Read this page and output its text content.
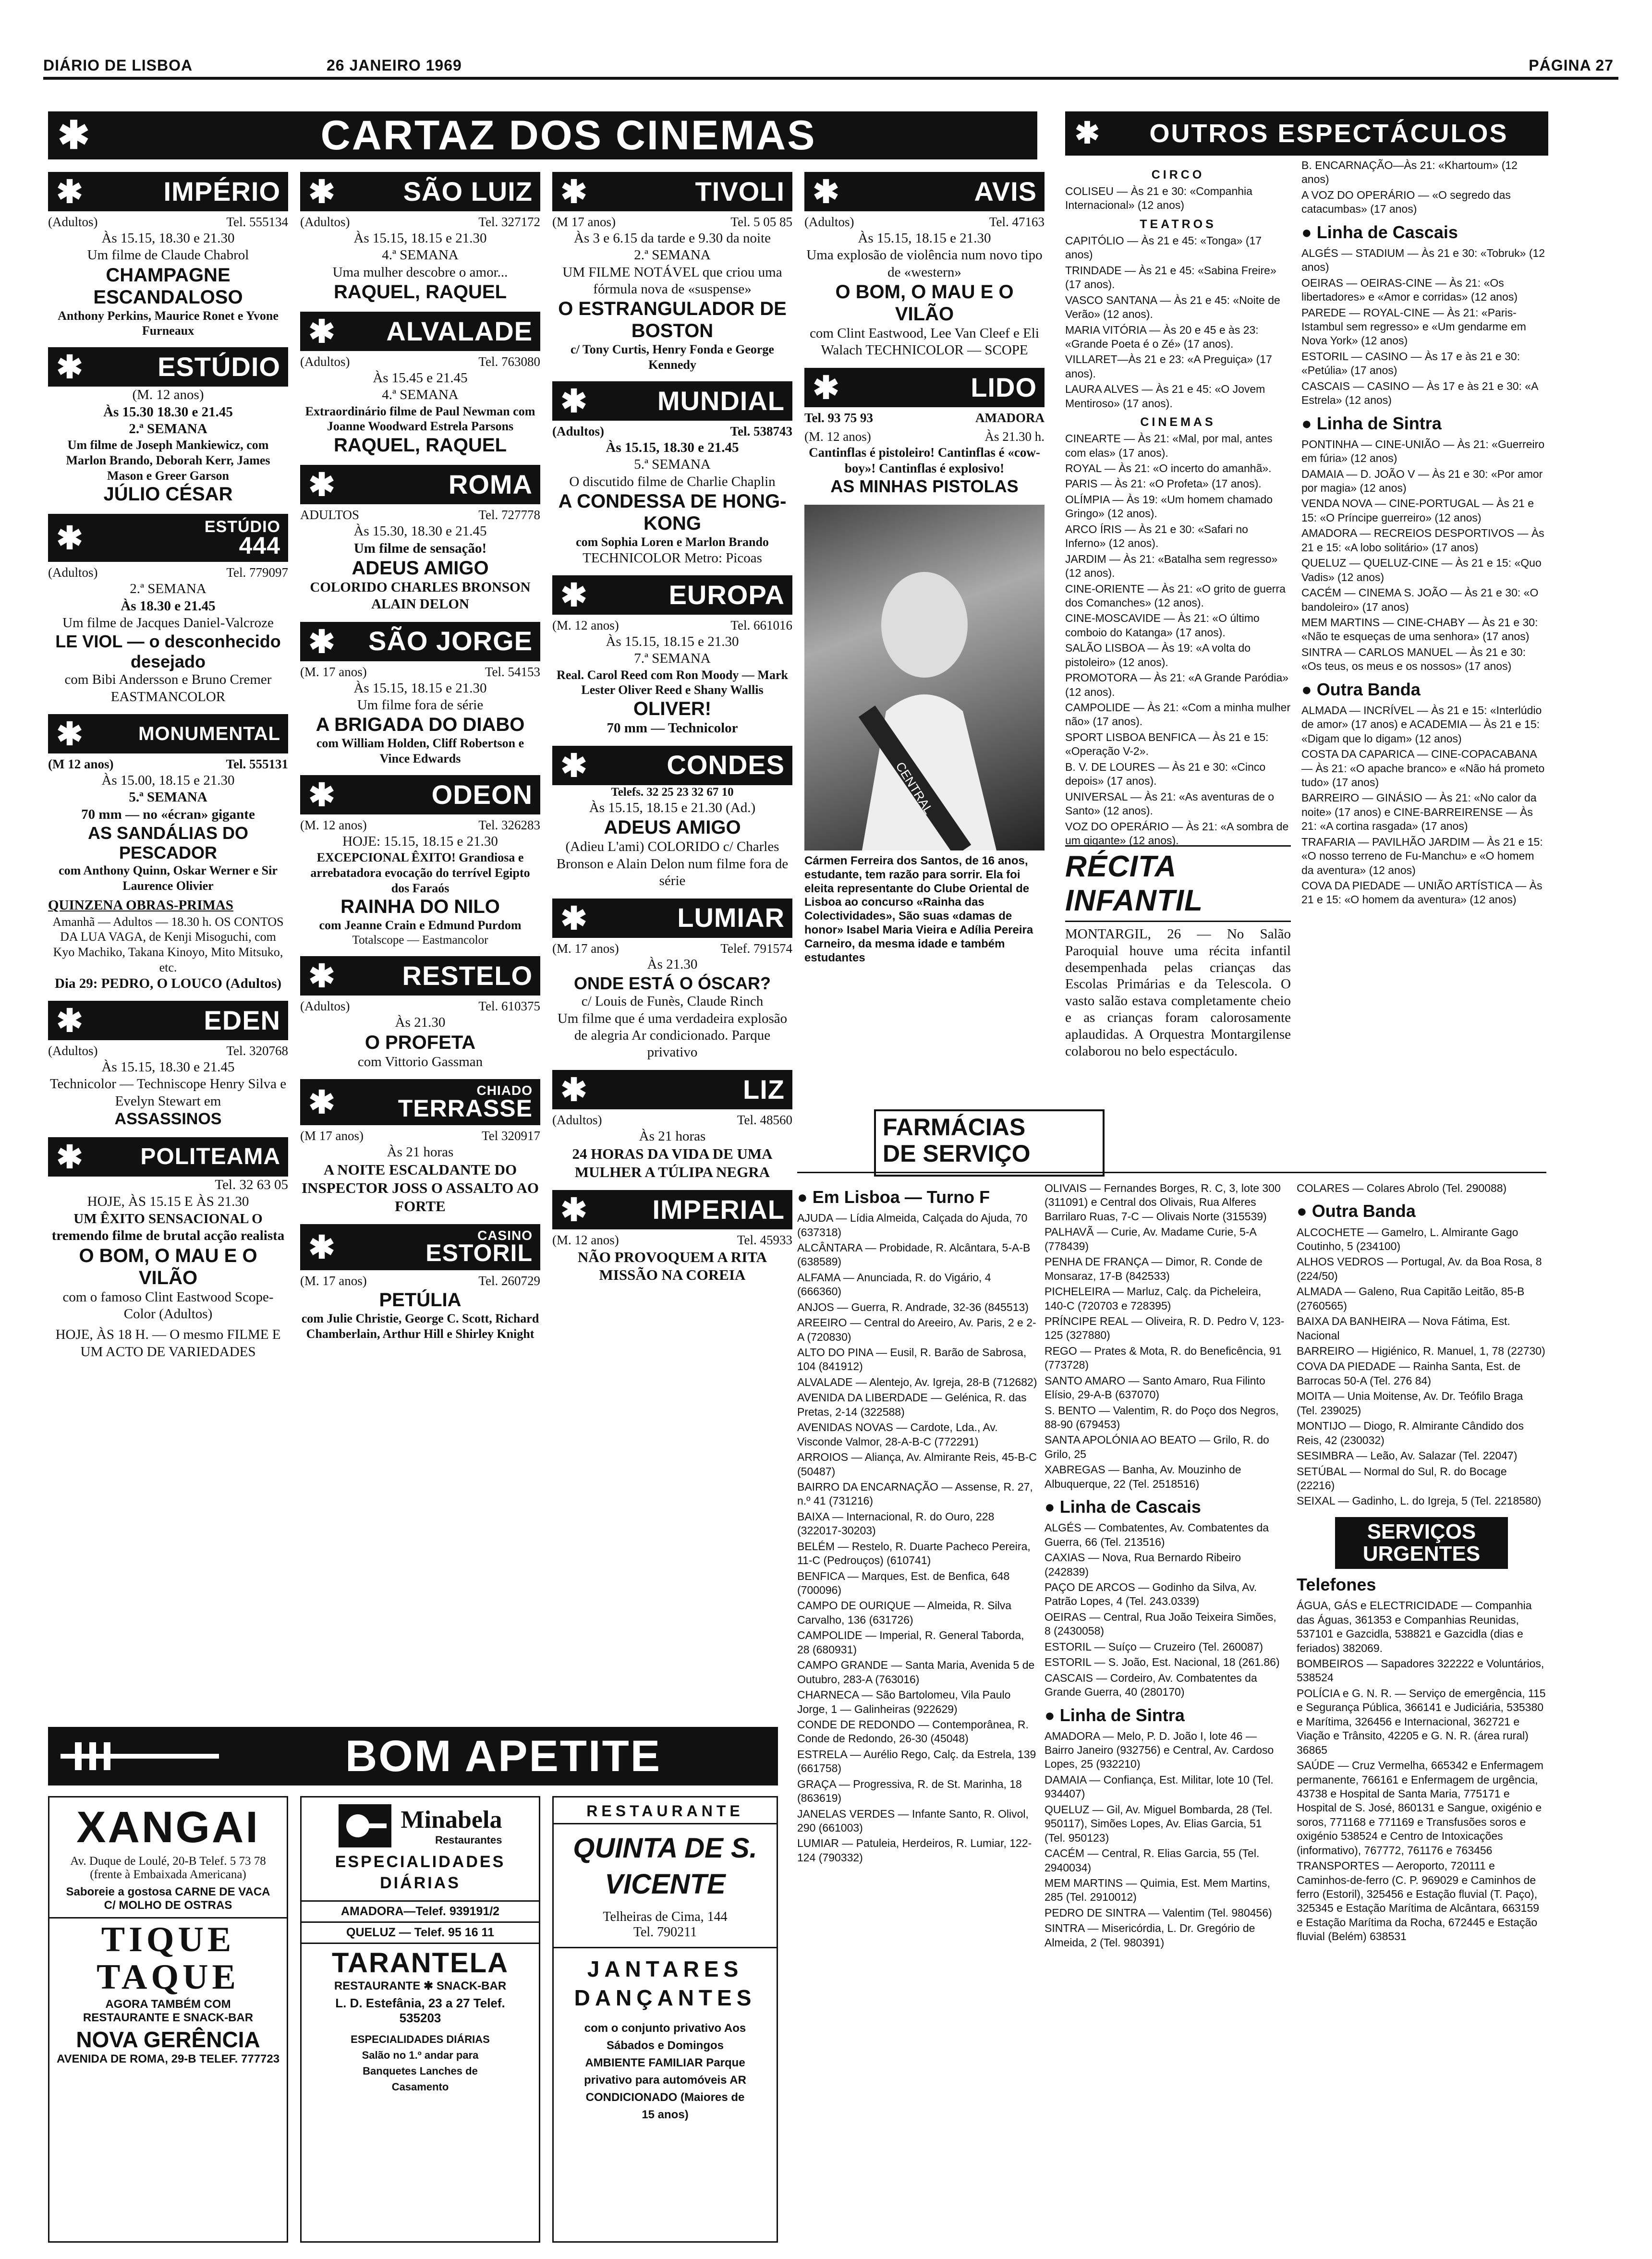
DIÁRIO DE LISBOA	26 JANEIRO 1969	PÁGINA 27
✱	CARTAZ DOS CINEMAS	✱	OUTROS ESPECTÁCULOS
✱	IMPÉRIO
(Adultos)	Tel. 555134
Às 15.15, 18.30 e 21.30
Um filme de Claude Chabrol
CHAMPAGNE ESCANDALOSO
Anthony Perkins, Maurice Ronet e Yvone Furneaux
✱	ESTÚDIO
(M. 12 anos)
Às 15.30 18.30 e 21.45
2.ª SEMANA
Um filme de Joseph Mankiewicz, com Marlon Brando, Deborah Kerr, James Mason e Greer Garson
JÚLIO CÉSAR
✱	ESTÚDIO
444
(Adultos)	Tel. 779097
2.ª SEMANA
Às 18.30 e 21.45
Um filme de Jacques Daniel-Valcroze
LE VIOL — o desconhecido desejado
com Bibi Andersson e Bruno Cremer
EASTMANCOLOR
✱	MONUMENTAL
(M 12 anos)	Tel. 555131
Às 15.00, 18.15 e 21.30
5.ª SEMANA
70 mm — no «écran» gigante
AS SANDÁLIAS DO PESCADOR
com Anthony Quinn, Oskar Werner e Sir Laurence Olivier
QUINZENA OBRAS-PRIMAS
Amanhã — Adultos — 18.30 h. OS CONTOS DA LUA VAGA, de Kenji Misoguchi, com Kyo Machiko, Takana Kinoyo, Mito Mitsuko, etc.
Dia 29: PEDRO, O LOUCO (Adultos)
✱	EDEN
(Adultos)	Tel. 320768
Às 15.15, 18.30 e 21.45
Technicolor — Techniscope Henry Silva e Evelyn Stewart em
ASSASSINOS
✱	POLITEAMA
Tel. 32 63 05
HOJE, ÀS 15.15 E ÀS 21.30
UM ÊXITO SENSACIONAL O tremendo filme de brutal acção realista
O BOM, O MAU E O VILÃO
com o famoso Clint Eastwood Scope-Color (Adultos)
HOJE, ÀS 18 H. — O mesmo FILME E UM ACTO DE VARIEDADES
✱	SÃO LUIZ
(Adultos)	Tel. 327172
Às 15.15, 18.15 e 21.30
4.ª SEMANA
Uma mulher descobre o amor...
RAQUEL, RAQUEL
✱	ALVALADE
(Adultos)	Tel. 763080
Às 15.45 e 21.45
4.ª SEMANA
Extraordinário filme de Paul Newman com Joanne Woodward Estrela Parsons
RAQUEL, RAQUEL
✱	ROMA
ADULTOS	Tel. 727778
Às 15.30, 18.30 e 21.45
Um filme de sensação!
ADEUS AMIGO
COLORIDO CHARLES BRONSON ALAIN DELON
✱	SÃO JORGE
(M. 17 anos)	Tel. 54153
Às 15.15, 18.15 e 21.30
Um filme fora de série
A BRIGADA DO DIABO
com William Holden, Cliff Robertson e Vince Edwards
✱	ODEON
(M. 12 anos)	Tel. 326283
HOJE: 15.15, 18.15 e 21.30
EXCEPCIONAL ÊXITO! Grandiosa e arrebatadora evocação do terrível Egipto dos Faraós
RAINHA DO NILO
com Jeanne Crain e Edmund Purdom
Totalscope — Eastmancolor
✱	RESTELO
(Adultos)	Tel. 610375
Às 21.30
O PROFETA
com Vittorio Gassman
✱	CHIADO
TERRASSE
(M 17 anos)	Tel 320917
Às 21 horas
A NOITE ESCALDANTE DO INSPECTOR JOSS O ASSALTO AO FORTE
✱	CASINO
ESTORIL
(M. 17 anos)	Tel. 260729
PETÚLIA
com Julie Christie, George C. Scott, Richard Chamberlain, Arthur Hill e Shirley Knight
✱	TIVOLI
(M 17 anos)	Tel. 5 05 85
Às 3 e 6.15 da tarde e 9.30 da noite
2.ª SEMANA
UM FILME NOTÁVEL que criou uma fórmula nova de «suspense»
O ESTRANGULADOR DE BOSTON
c/ Tony Curtis, Henry Fonda e George Kennedy
✱	MUNDIAL
(Adultos)	Tel. 538743
Às 15.15, 18.30 e 21.45
5.ª SEMANA
O discutido filme de Charlie Chaplin
A CONDESSA DE HONG-KONG
com Sophia Loren e Marlon Brando
TECHNICOLOR Metro: Picoas
✱	EUROPA
(M. 12 anos)	Tel. 661016
Às 15.15, 18.15 e 21.30
7.ª SEMANA
Real. Carol Reed com Ron Moody — Mark Lester Oliver Reed e Shany Wallis
OLIVER!
70 mm — Technicolor
✱	CONDES
Telefs. 32 25 23 32 67 10
Às 15.15, 18.15 e 21.30 (Ad.)
ADEUS AMIGO
(Adieu L'ami) COLORIDO c/ Charles Bronson e Alain Delon num filme fora de série
✱	LUMIAR
(M. 17 anos)	Telef. 791574
Às 21.30
ONDE ESTÁ O ÓSCAR?
c/ Louis de Funès, Claude Rinch
Um filme que é uma verdadeira explosão de alegria Ar condicionado. Parque privativo
✱	LIZ
(Adultos)	Tel. 48560
Às 21 horas
24 HORAS DA VIDA DE UMA MULHER A TÚLIPA NEGRA
✱	IMPERIAL
(M. 12 anos)	Tel. 45933
NÃO PROVOQUEM A RITA MISSÃO NA COREIA
✱	AVIS
(Adultos)	Tel. 47163
Às 15.15, 18.15 e 21.30
Uma explosão de violência num novo tipo de «western»
O BOM, O MAU E O VILÃO
com Clint Eastwood, Lee Van Cleef e Eli Walach TECHNICOLOR — SCOPE
✱	LIDO
Tel. 93 75 93	AMADORA
(M. 12 anos)	Às 21.30 h.
Cantinflas é pistoleiro! Cantinflas é «cow-boy»! Cantinflas é explosivo!
AS MINHAS PISTOLAS
CENTRAL
Cármen Ferreira dos Santos, de 16 anos, estudante, tem razão para sorrir. Ela foi eleita representante do Clube Oriental de Lisboa ao concurso «Rainha das Colectividades», São suas «damas de honor» Isabel Maria Vieira e Adília Pereira Carneiro, da mesma idade e também estudantes
CIRCO
COLISEU — Às 21 e 30: «Companhia Internacional» (12 anos)
TEATROS
CAPITÓLIO — Às 21 e 45: «Tonga» (17 anos)
TRINDADE — Às 21 e 45: «Sabina Freire» (17 anos).
VASCO SANTANA — Às 21 e 45: «Noite de Verão» (12 anos).
MARIA VITÓRIA — Às 20 e 45 e às 23: «Grande Poeta é o Zé» (17 anos).
VILLARET—Às 21 e 23: «A Preguiça» (17 anos).
LAURA ALVES — Às 21 e 45: «O Jovem Mentiroso» (17 anos).
CINEMAS
CINEARTE — Às 21: «Mal, por mal, antes com elas» (17 anos).
ROYAL — Às 21: «O incerto do amanhã».
PARIS — Às 21: «O Profeta» (17 anos).
OLÍMPIA — Às 19: «Um homem chamado Gringo» (12 anos).
ARCO ÍRIS — Às 21 e 30: «Safari no Inferno» (12 anos).
JARDIM — Às 21: «Batalha sem regresso» (12 anos).
CINE-ORIENTE — Às 21: «O grito de guerra dos Comanches» (12 anos).
CINE-MOSCAVIDE — Às 21: «O último comboio do Katanga» (17 anos).
SALÃO LISBOA — Às 19: «A volta do pistoleiro» (12 anos).
PROMOTORA — Às 21: «A Grande Paródia» (12 anos).
CAMPOLIDE — Às 21: «Com a minha mulher não» (17 anos).
SPORT LISBOA BENFICA — Às 21 e 15: «Operação V-2».
B. V. DE LOURES — Às 21 e 30: «Cinco depois» (17 anos).
UNIVERSAL — Às 21: «As aventuras de o Santo» (12 anos).
VOZ DO OPERÁRIO — Às 21: «A sombra de um gigante» (12 anos).
RÉCITA INFANTIL
MONTARGIL, 26 — No Salão Paroquial houve uma récita infantil desempenhada pelas crianças das Escolas Primárias e da Telescola. O vasto salão estava completamente cheio e as crianças foram calorosamente aplaudidas. A Orquestra Montargilense colaborou no belo espectáculo.
B. ENCARNAÇÃO—Às 21: «Khartoum» (12 anos)
A VOZ DO OPERÁRIO — «O segredo das catacumbas» (17 anos)
● Linha de Cascais
ALGÉS — STADIUM — Às 21 e 30: «Tobruk» (12 anos)
OEIRAS — OEIRAS-CINE — Às 21: «Os libertadores» e «Amor e corridas» (12 anos)
PAREDE — ROYAL-CINE — Às 21: «Paris-Istambul sem regresso» e «Um gendarme em Nova York» (12 anos)
ESTORIL — CASINO — Às 17 e às 21 e 30: «Petúlia» (17 anos)
CASCAIS — CASINO — Às 17 e às 21 e 30: «A Estrela» (12 anos)
● Linha de Sintra
PONTINHA — CINE-UNIÃO — Às 21: «Guerreiro em fúria» (12 anos)
DAMAIA — D. JOÃO V — Às 21 e 30: «Por amor por magia» (12 anos)
VENDA NOVA — CINE-PORTUGAL — Às 21 e 15: «O Príncipe guerreiro» (12 anos)
AMADORA — RECREIOS DESPORTIVOS — Às 21 e 15: «A lobo solitário» (17 anos)
QUELUZ — QUELUZ-CINE — Às 21 e 15: «Quo Vadis» (12 anos)
CACÉM — CINEMA S. JOÃO — Às 21 e 30: «O bandoleiro» (17 anos)
MEM MARTINS — CINE-CHABY — Às 21 e 30: «Não te esqueças de uma senhora» (17 anos)
SINTRA — CARLOS MANUEL — Às 21 e 30: «Os teus, os meus e os nossos» (17 anos)
● Outra Banda
ALMADA — INCRÍVEL — Às 21 e 15: «Interlúdio de amor» (17 anos) e ACADEMIA — Às 21 e 15: «Digam que lo digam» (12 anos)
COSTA DA CAPARICA — CINE-COPACABANA — Às 21: «O apache branco» e «Não há prometo tudo» (17 anos)
BARREIRO — GINÁSIO — Às 21: «No calor da noite» (17 anos) e CINE-BARREIRENSE — Às 21: «A cortina rasgada» (17 anos)
TRAFARIA — PAVILHÃO JARDIM — Às 21 e 15: «O nosso terreno de Fu-Manchu» e «O homem da aventura» (12 anos)
COVA DA PIEDADE — UNIÃO ARTÍSTICA — Às 21 e 15: «O homem da aventura» (12 anos)
FARMÁCIAS
DE SERVIÇO
● Em Lisboa — Turno F
AJUDA — Lídia Almeida, Calçada do Ajuda, 70 (637318)
ALCÂNTARA — Probidade, R. Alcântara, 5-A-B (638589)
ALFAMA — Anunciada, R. do Vigário, 4 (666360)
ANJOS — Guerra, R. Andrade, 32-36 (845513)
AREEIRO — Central do Areeiro, Av. Paris, 2 e 2-A (720830)
ALTO DO PINA — Eusil, R. Barão de Sabrosa, 104 (841912)
ALVALADE — Alentejo, Av. Igreja, 28-B (712682)
AVENIDA DA LIBERDADE — Gelénica, R. das Pretas, 2-14 (322588)
AVENIDAS NOVAS — Cardote, Lda., Av. Visconde Valmor, 28-A-B-C (772291)
ARROIOS — Aliança, Av. Almirante Reis, 45-B-C (50487)
BAIRRO DA ENCARNAÇÃO — Assense, R. 27, n.º 41 (731216)
BAIXA — Internacional, R. do Ouro, 228 (322017-30203)
BELÉM — Restelo, R. Duarte Pacheco Pereira, 11-C (Pedrouços) (610741)
BENFICA — Marques, Est. de Benfica, 648 (700096)
CAMPO DE OURIQUE — Almeida, R. Silva Carvalho, 136 (631726)
CAMPOLIDE — Imperial, R. General Taborda, 28 (680931)
CAMPO GRANDE — Santa Maria, Avenida 5 de Outubro, 283-A (763016)
CHARNECA — São Bartolomeu, Vila Paulo Jorge, 1 — Galinheiras (922629)
CONDE DE REDONDO — Contemporânea, R. Conde de Redondo, 26-30 (45048)
ESTRELA — Aurélio Rego, Calç. da Estrela, 139 (661758)
GRAÇA — Progressiva, R. de St. Marinha, 18 (863619)
JANELAS VERDES — Infante Santo, R. Olivol, 290 (661003)
LUMIAR — Patuleia, Herdeiros, R. Lumiar, 122-124 (790332)
OLIVAIS — Fernandes Borges, R. C, 3, lote 300 (311091) e Central dos Olivais, Rua Alferes Barrilaro Ruas, 7-C — Olivais Norte (315539)
PALHAVÃ — Curie, Av. Madame Curie, 5-A (778439)
PENHA DE FRANÇA — Dimor, R. Conde de Monsaraz, 17-B (842533)
PICHELEIRA — Marluz, Calç. da Picheleira, 140-C (720703 e 728395)
PRÍNCIPE REAL — Oliveira, R. D. Pedro V, 123-125 (327880)
REGO — Prates & Mota, R. do Beneficência, 91 (773728)
SANTO AMARO — Santo Amaro, Rua Filinto Elísio, 29-A-B (637070)
S. BENTO — Valentim, R. do Poço dos Negros, 88-90 (679453)
SANTA APOLÓNIA AO BEATO — Grilo, R. do Grilo, 25
XABREGAS — Banha, Av. Mouzinho de Albuquerque, 22 (Tel. 2518516)
● Linha de Cascais
ALGÉS — Combatentes, Av. Combatentes da Guerra, 66 (Tel. 213516)
CAXIAS — Nova, Rua Bernardo Ribeiro (242839)
PAÇO DE ARCOS — Godinho da Silva, Av. Patrão Lopes, 4 (Tel. 243.0339)
OEIRAS — Central, Rua João Teixeira Simões, 8 (2430058)
ESTORIL — Suíço — Cruzeiro (Tel. 260087)
ESTORIL — S. João, Est. Nacional, 18 (261.86)
CASCAIS — Cordeiro, Av. Combatentes da Grande Guerra, 40 (280170)
● Linha de Sintra
AMADORA — Melo, P. D. João I, lote 46 — Bairro Janeiro (932756) e Central, Av. Cardoso Lopes, 25 (932210)
DAMAIA — Confiança, Est. Militar, lote 10 (Tel. 934407)
QUELUZ — Gil, Av. Miguel Bombarda, 28 (Tel. 950117), Simões Lopes, Av. Elias Garcia, 51 (Tel. 950123)
CACÉM — Central, R. Elias Garcia, 55 (Tel. 2940034)
MEM MARTINS — Quimia, Est. Mem Martins, 285 (Tel. 2910012)
PEDRO DE SINTRA — Valentim (Tel. 980456)
SINTRA — Misericórdia, L. Dr. Gregório de Almeida, 2 (Tel. 980391)
COLARES — Colares Abrolo (Tel. 290088)
● Outra Banda
ALCOCHETE — Gamelro, L. Almirante Gago Coutinho, 5 (234100)
ALHOS VEDROS — Portugal, Av. da Boa Rosa, 8 (224/50)
ALMADA — Galeno, Rua Capitão Leitão, 85-B (2760565)
BAIXA DA BANHEIRA — Nova Fátima, Est. Nacional
BARREIRO — Higiénico, R. Manuel, 1, 78 (22730)
COVA DA PIEDADE — Rainha Santa, Est. de Barrocas 50-A (Tel. 276 84)
MOITA — Unia Moitense, Av. Dr. Teófilo Braga (Tel. 239025)
MONTIJO — Diogo, R. Almirante Cândido dos Reis, 42 (230032)
SESIMBRA — Leão, Av. Salazar (Tel. 22047)
SETÚBAL — Normal do Sul, R. do Bocage (22216)
SEIXAL — Gadinho, L. do Igreja, 5 (Tel. 2218580)
SERVIÇOS
URGENTES
Telefones
ÁGUA, GÁS e ELECTRICIDADE — Companhia das Águas, 361353 e Companhias Reunidas, 537101 e Gazcidla, 538821 e Gazcidla (dias e feriados) 382069.
BOMBEIROS — Sapadores 322222 e Voluntários, 538524
POLÍCIA e G. N. R. — Serviço de emergência, 115 e Segurança Pública, 366141 e Judiciária, 535380 e Marítima, 326456 e Internacional, 362721 e Viação e Trânsito, 42205 e G. N. R. (área rural) 36865
SAÚDE — Cruz Vermelha, 665342 e Enfermagem permanente, 766161 e Enfermagem de urgência, 43738 e Hospital de Santa Maria, 775171 e Hospital de S. José, 860131 e Sangue, oxigénio e soros, 771168 e 771169 e Transfusões soros e oxigénio 538524 e Centro de Intoxicações (informativo), 767772, 761176 e 763456
TRANSPORTES — Aeroporto, 720111 e Caminhos-de-ferro (C. P. 969029 e Caminhos de ferro (Estoril), 325456 e Estação fluvial (T. Paço), 325345 e Estação Marítima de Alcântara, 663159 e Estação Marítima da Rocha, 672445 e Estação fluvial (Belém) 638531
BOM APETITE
XANGAI
Av. Duque de Loulé, 20-B Telef. 5 73 78 (frente à Embaixada Americana)
Saboreie a gostosa CARNE DE VACA C/ MOLHO DE OSTRAS
TIQUE TAQUE
AGORA TAMBÉM COM RESTAURANTE E SNACK-BAR
NOVA GERÊNCIA
AVENIDA DE ROMA, 29-B TELEF. 777723
Minabela
Restaurantes
ESPECIALIDADES DIÁRIAS
AMADORA—Telef. 939191/2
QUELUZ — Telef. 95 16 11
TARANTELA
RESTAURANTE ✱ SNACK-BAR
L. D. Estefânia, 23 a 27 Telef. 535203
ESPECIALIDADES DIÁRIAS Salão no 1.º andar para Banquetes Lanches de Casamento
RESTAURANTE
QUINTA DE S. VICENTE
Telheiras de Cima, 144 Tel. 790211
JANTARES DANÇANTES
com o conjunto privativo Aos Sábados e Domingos AMBIENTE FAMILIAR Parque privativo para automóveis AR CONDICIONADO (Maiores de 15 anos)
